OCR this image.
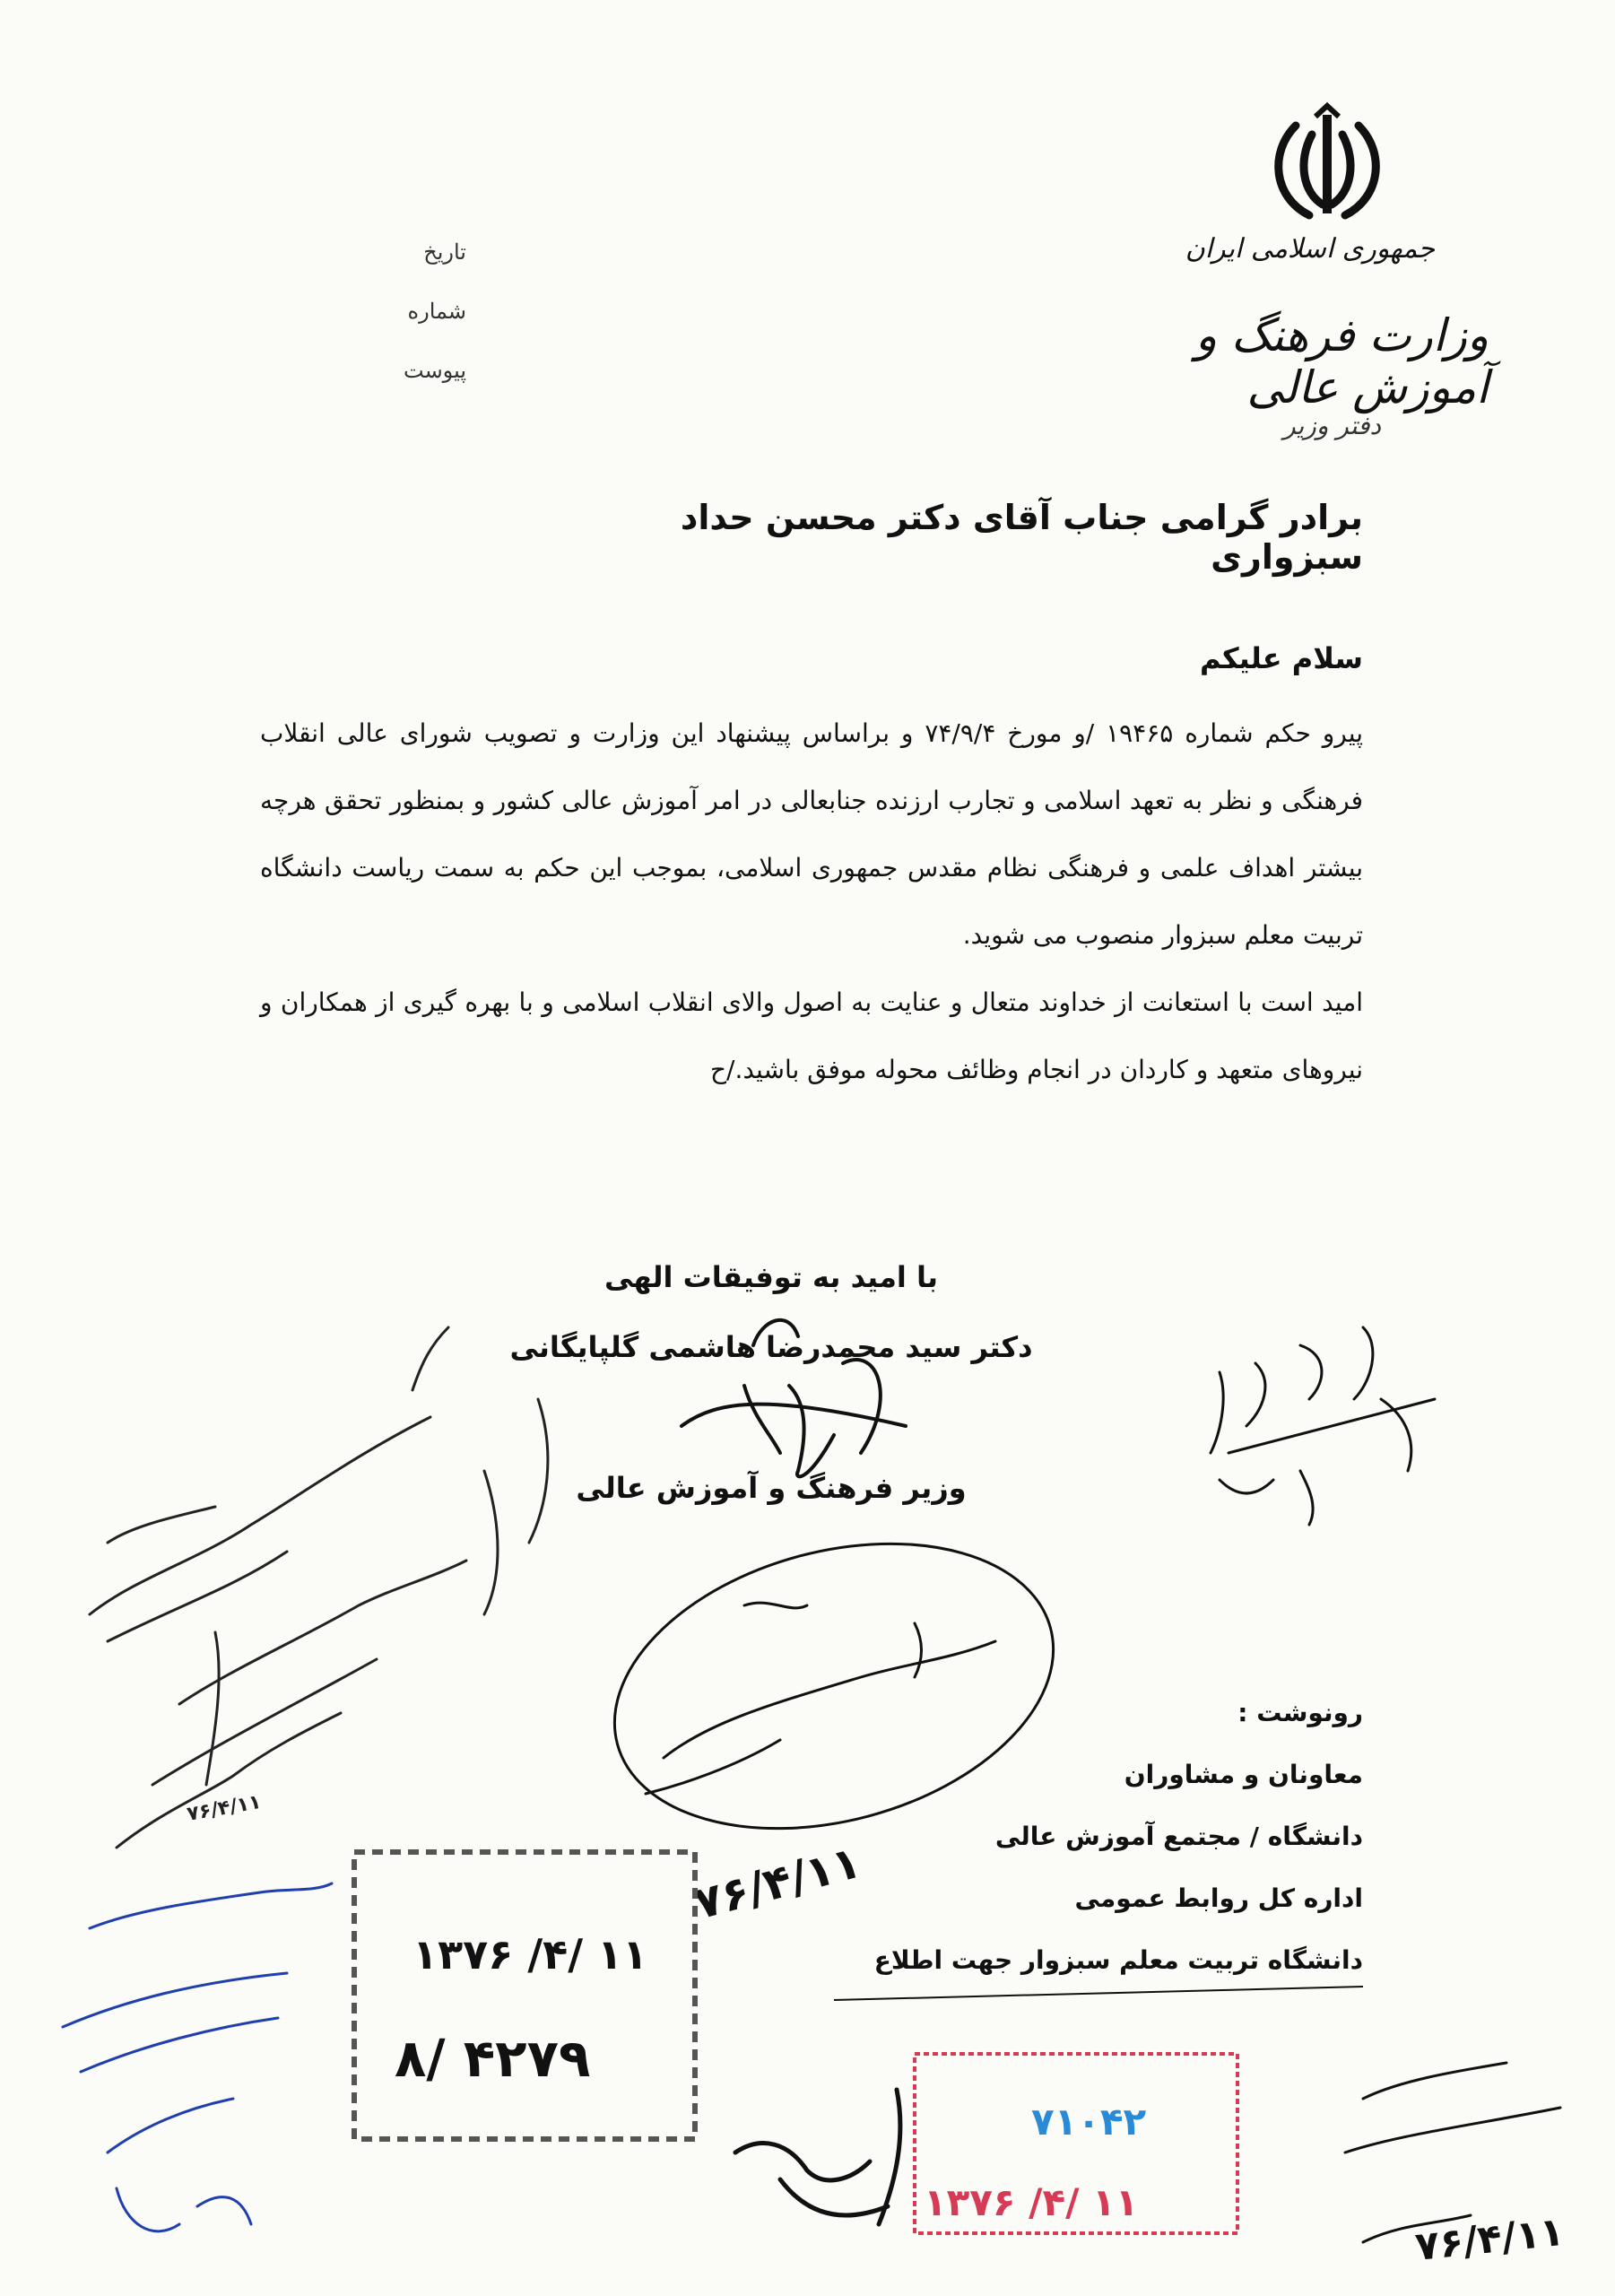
جمهوری اسلامی ایران
وزارت فرهنگ و آموزش عالی
دفتر وزیر
تاریخ
شماره
پیوست
برادر گرامی جناب آقای دکتر محسن حداد سبزواری
سلام علیکم

پیرو حکم شماره ۱۹۴۶۵ /و مورخ ۷۴/۹/۴ و براساس پیشنهاد این وزارت و تصویب شورای عالی انقلاب فرهنگی و نظر به تعهد اسلامی و تجارب ارزنده جنابعالی در امر آموزش عالی کشور و بمنظور تحقق هرچه بیشتر اهداف علمی و فرهنگی نظام مقدس جمهوری اسلامی، بموجب این حکم به سمت ریاست دانشگاه تربیت معلم سبزوار منصوب می شوید.

امید است با استعانت از خداوند متعال و عنایت به اصول والای انقلاب اسلامی و با بهره گیری از همکاران و نیروهای متعهد و کاردان در انجام وظائف محوله موفق باشید./ح

با امید به توفیقات الهی
دکتر سید محمدرضا هاشمی گلپایگانی
وزیر فرهنگ و آموزش عالی
رونوشت :
معاونان و مشاوران
دانشگاه / مجتمع آموزش عالی
اداره کل روابط عمومی
دانشگاه تربیت معلم سبزوار جهت اطلاع
۷۶/۴/۱۱
۷۶/۴/۱۱
۱۳۷۶ /۴/ ۱۱
۸/ ۴۲۷۹
۷۱۰۴۲
۱۳۷۶ /۴/ ۱۱
۷۶/۴/۱۱
